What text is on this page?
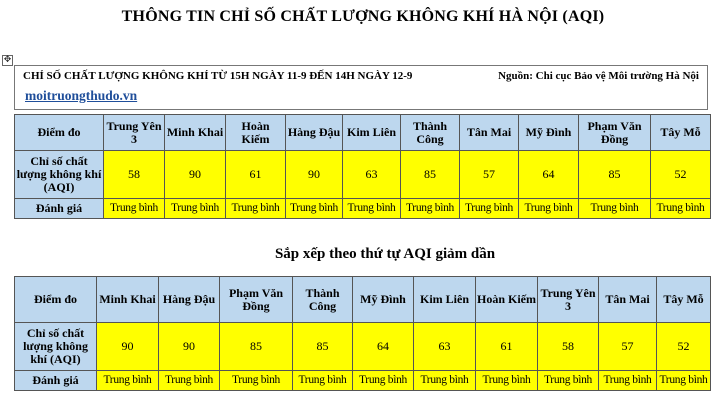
THÔNG TIN CHỈ SỐ CHẤT LƯỢNG KHÔNG KHÍ HÀ NỘI (AQI)
✥
CHỈ SỐ CHẤT LƯỢNG KHÔNG KHÍ TỪ 15H NGÀY 11-9 ĐẾN 14H NGÀY 12-9	Nguồn: Chi cục Bảo vệ Môi trường Hà Nội
moitruongthudo.vn
Điểm đo	Trung Yên 3	Minh Khai	Hoàn Kiếm	Hàng Đậu	Kim Liên	Thành Công	Tân Mai	Mỹ Đình	Phạm Văn Đồng	Tây Mỗ
Chỉ số chất lượng không khí (AQI)	58	90	61	90	63	85	57	64	85	52
Đánh giá	Trung bình	Trung bình	Trung bình	Trung bình	Trung bình	Trung bình	Trung bình	Trung bình	Trung bình	Trung bình
Sắp xếp theo thứ tự AQI giảm dần
Điểm đo	Minh Khai	Hàng Đậu	Phạm Văn Đồng	Thành Công	Mỹ Đình	Kim Liên	Hoàn Kiếm	Trung Yên 3	Tân Mai	Tây Mỗ
Chỉ số chất lượng không khí (AQI)	90	90	85	85	64	63	61	58	57	52
Đánh giá	Trung bình	Trung bình	Trung bình	Trung bình	Trung bình	Trung bình	Trung bình	Trung bình	Trung bình	Trung bình
